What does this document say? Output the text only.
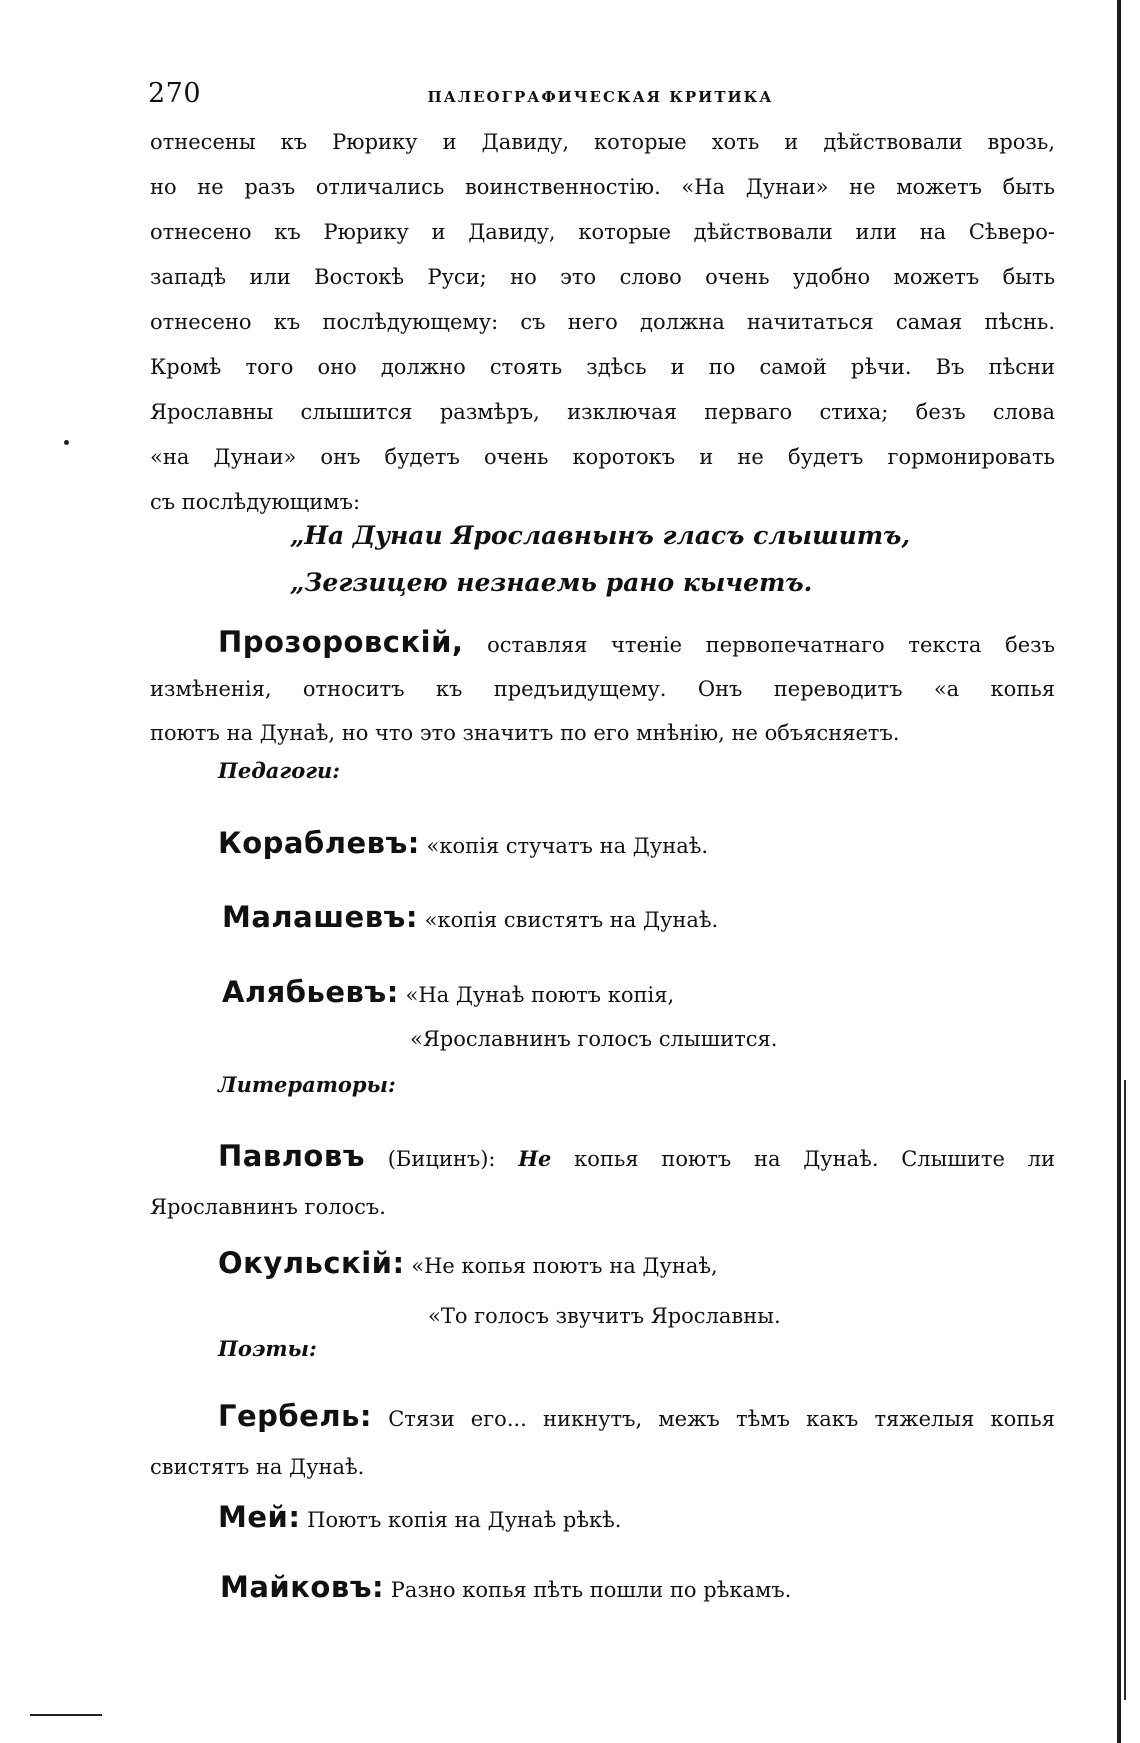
270	ПАЛЕОГРАФИЧЕСКАЯ КРИТИКА
отнесены къ Рюрику и Давиду, которые хоть и дѣйствовали врозь,
но не разъ отличались воинственностію. «На Дунаи» не можетъ быть
отнесено къ Рюрику и Давиду, которые дѣйствовали или на Сѣверо-
западѣ или Востокѣ Руси; но это слово очень удобно можетъ быть
отнесено къ послѣдующему: съ него должна начитаться самая пѣснь.
Кромѣ того оно должно стоять здѣсь и по самой рѣчи. Въ пѣсни
Ярославны слышится размѣръ, изключая перваго стиха; безъ слова
«на Дунаи» онъ будетъ очень коротокъ и не будетъ гормонировать
съ послѣдующимъ:
„На Дунаи Ярославнынъ гласъ слышитъ,
„Зегзицею незнаемь рано кычетъ.
Прозоровскій, оставляя чтеніе первопечатнаго текста безъ
измѣненія, относитъ къ предъидущему. Онъ переводитъ «а копья
поютъ на Дунаѣ, но что это значитъ по его мнѣнію, не объясняетъ.
Педагоги:
Кораблевъ: «копія стучатъ на Дунаѣ.
Малашевъ: «копія свистятъ на Дунаѣ.
Алябьевъ: «На Дунаѣ поютъ копія,
«Ярославнинъ голосъ слышится.
Литераторы:
Павловъ (Бицинъ): Не копья поютъ на Дунаѣ. Слышите ли
Ярославнинъ голосъ.
Окульскій: «Не копья поютъ на Дунаѣ,
«То голосъ звучитъ Ярославны.
Поэты:
Гербель: Стязи его... никнутъ, межъ тѣмъ какъ тяжелыя копья
свистятъ на Дунаѣ.
Мей: Поютъ копія на Дунаѣ рѣкѣ.
Майковъ: Разно копья пѣть пошли по рѣкамъ.
